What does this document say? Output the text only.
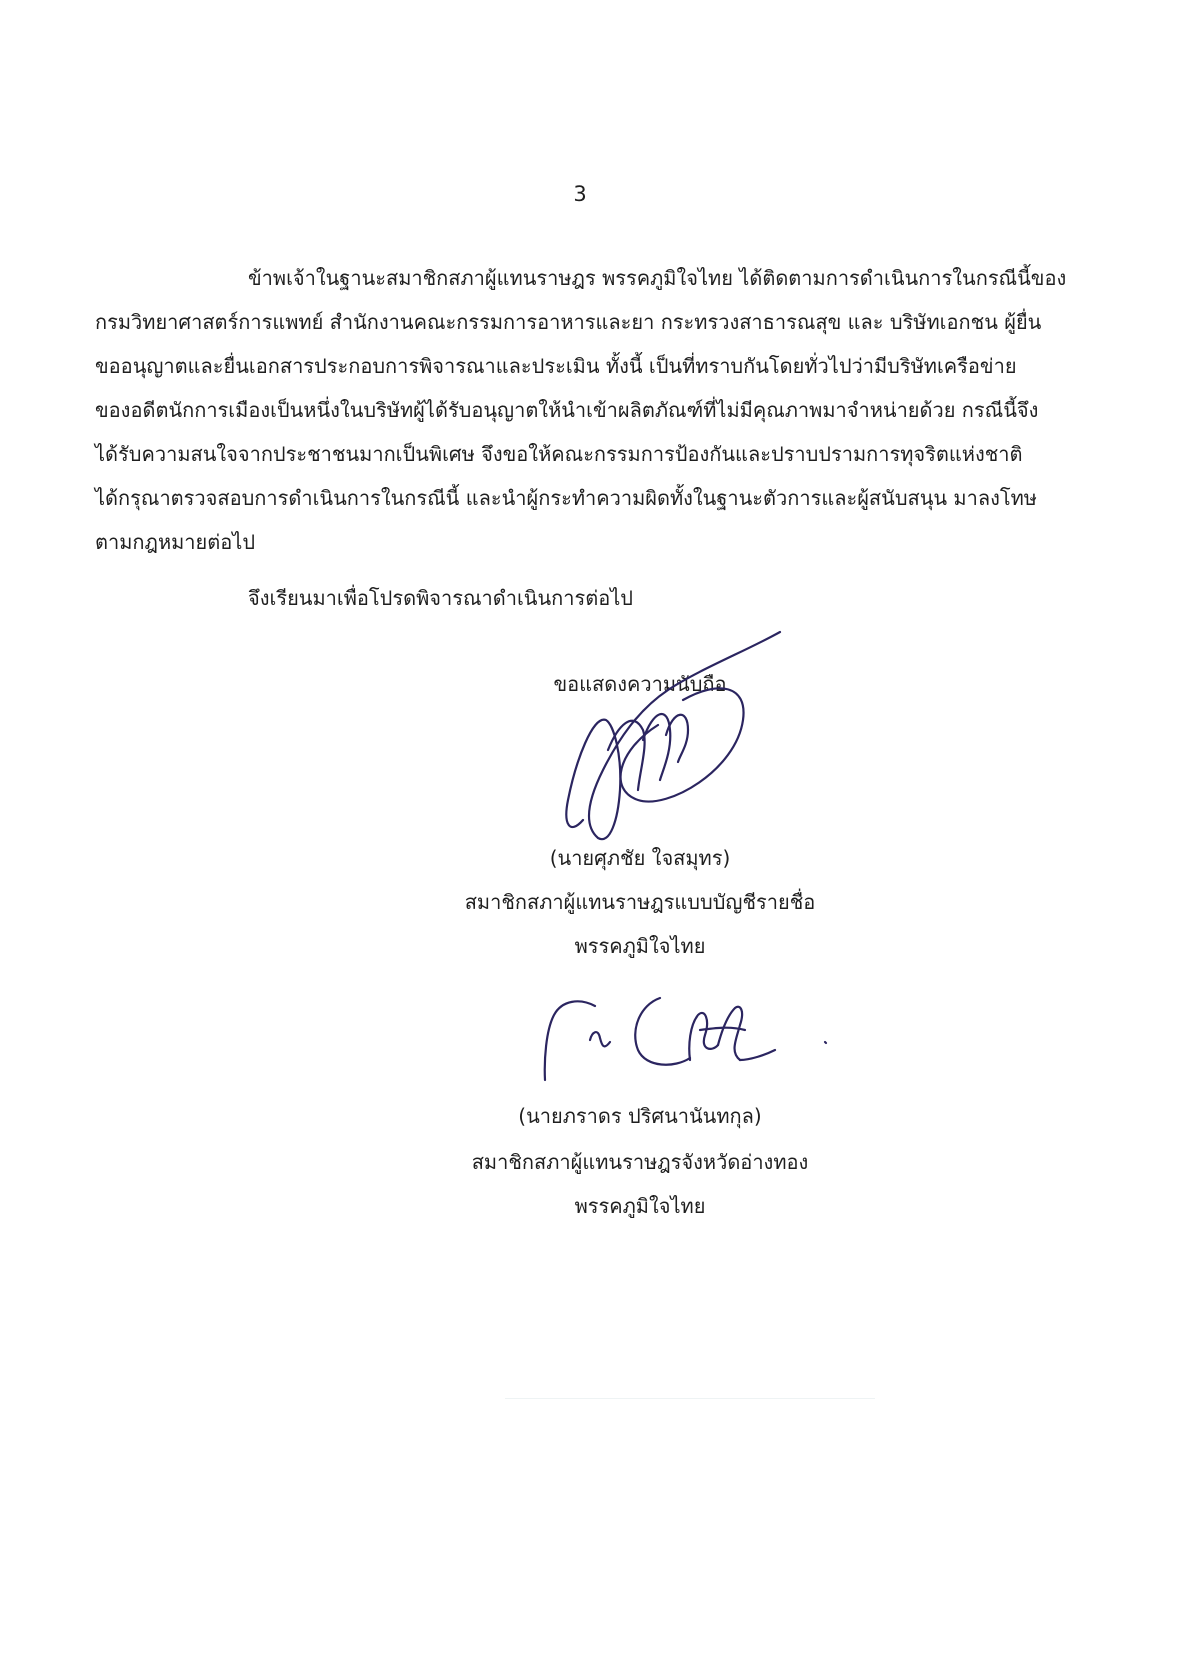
3
ข้าพเจ้าในฐานะสมาชิกสภาผู้แทนราษฎร พรรคภูมิใจไทย ได้ติดตามการดำเนินการในกรณีนี้ของ
กรมวิทยาศาสตร์การแพทย์ สำนักงานคณะกรรมการอาหารและยา กระทรวงสาธารณสุข และ บริษัทเอกชน ผู้ยื่น
ขออนุญาตและยื่นเอกสารประกอบการพิจารณาและประเมิน ทั้งนี้ เป็นที่ทราบกันโดยทั่วไปว่ามีบริษัทเครือข่าย
ของอดีตนักการเมืองเป็นหนึ่งในบริษัทผู้ได้รับอนุญาตให้นำเข้าผลิตภัณฑ์ที่ไม่มีคุณภาพมาจำหน่ายด้วย กรณีนี้จึง
ได้รับความสนใจจากประชาชนมากเป็นพิเศษ จึงขอให้คณะกรรมการป้องกันและปราบปรามการทุจริตแห่งชาติ
ได้กรุณาตรวจสอบการดำเนินการในกรณีนี้ และนำผู้กระทำความผิดทั้งในฐานะตัวการและผู้สนับสนุน มาลงโทษ
ตามกฎหมายต่อไป
จึงเรียนมาเพื่อโปรดพิจารณาดำเนินการต่อไป
ขอแสดงความนับถือ
(นายศุภชัย ใจสมุทร)
สมาชิกสภาผู้แทนราษฎรแบบบัญชีรายชื่อ
พรรคภูมิใจไทย
(นายภราดร ปริศนานันทกุล)
สมาชิกสภาผู้แทนราษฎรจังหวัดอ่างทอง
พรรคภูมิใจไทย
